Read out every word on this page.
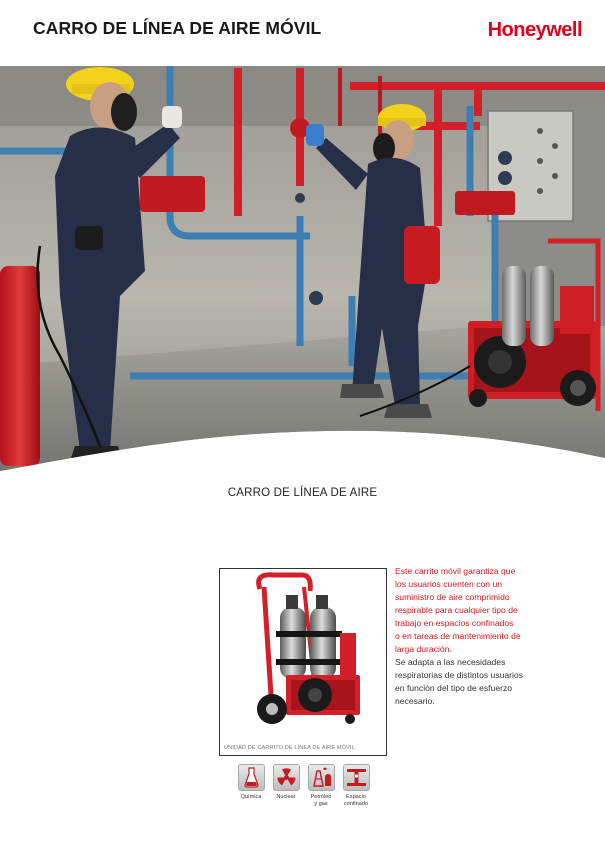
CARRO DE LÍNEA DE AIRE MÓVIL	Honeywell
CARRO DE LÍNEA DE AIRE
UNIDAD DE CARRITO DE LÍNEA DE AIRE MÓVIL
Este carrito móvil garantiza que
los usuarios cuenten con un
suministro de aire comprimido
respirable para cualquier tipo de
trabajo en espacios confinados
o en tareas de mantenimiento de
larga duración.
Se adapta a las necesidades
respiratorias de distintos usuarios
en función del tipo de esfuerzo
necesario.
Química	Nuclear	Petróleo
y gas
Espacio
confinado
